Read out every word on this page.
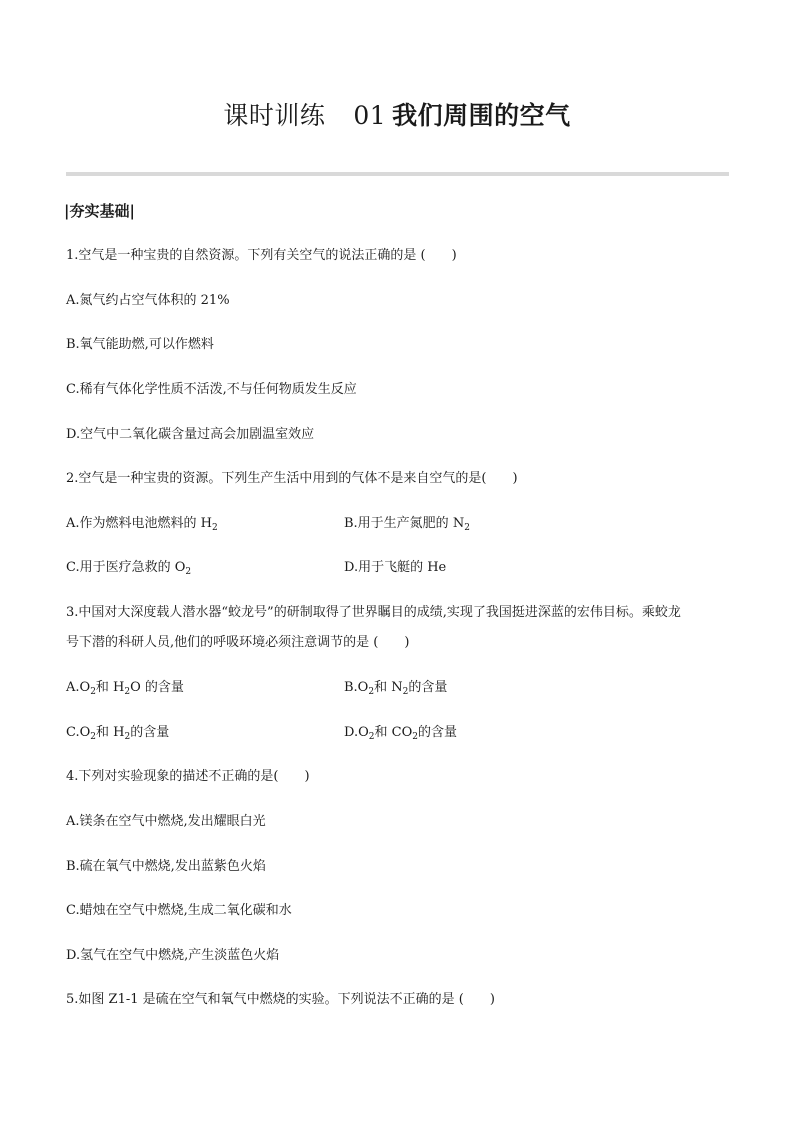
课时训练 01 我们周围的空气
|夯实基础|
1.空气是一种宝贵的自然资源。下列有关空气的说法正确的是 (　　)
A.氮气约占空气体积的 21%
B.氧气能助燃,可以作燃料
C.稀有气体化学性质不活泼,不与任何物质发生反应
D.空气中二氧化碳含量过高会加剧温室效应
2.空气是一种宝贵的资源。下列生产生活中用到的气体不是来自空气的是(　　)
A.作为燃料电池燃料的 $H_2$	B.用于生产氮肥的 $N_2$
C.用于医疗急救的 $O_2$	D.用于飞艇的 He
3.中国对大深度载人潜水器“蛟龙号”的研制取得了世界瞩目的成绩,实现了我国挺进深蓝的宏伟目标。乘蛟龙
号下潜的科研人员,他们的呼吸环境必须注意调节的是 (　　)
$A.O_2$和 $H_2O$ 的含量	$B.O_2$和 $N_2$的含量
$C.O_2$和 $H_2$的含量	$D.O_2$和 $CO_2$的含量
4.下列对实验现象的描述不正确的是(　　)
A.镁条在空气中燃烧,发出耀眼白光
B.硫在氧气中燃烧,发出蓝紫色火焰
C.蜡烛在空气中燃烧,生成二氧化碳和水
D.氢气在空气中燃烧,产生淡蓝色火焰
5.如图 Z1-1 是硫在空气和氧气中燃烧的实验。下列说法不正确的是 (　　)
